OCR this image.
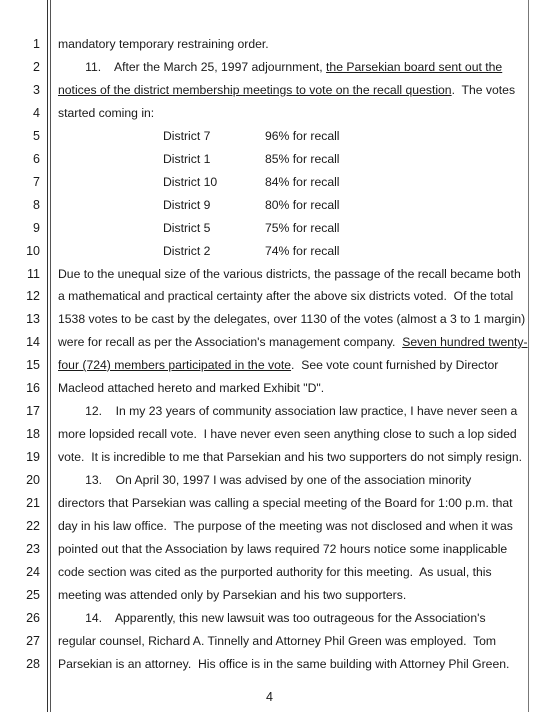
1 mandatory temporary restraining order.
2 11.    After the March 25, 1997 adjournment, the Parsekian board sent out the
3 notices of the district membership meetings to vote on the recall question.  The votes
4 started coming in:
11 Due to the unequal size of the various districts, the passage of the recall became both
12 a mathematical and practical certainty after the above six districts voted.  Of the total
13 1538 votes to be cast by the delegates, over 1130 of the votes (almost a 3 to 1 margin)
14 were for recall as per the Association's management company.  Seven hundred twenty-
15 four (724) members participated in the vote.  See vote count furnished by Director
16 Macleod attached hereto and marked Exhibit "D".
17 12.    In my 23 years of community association law practice, I have never seen a
18 more lopsided recall vote.  I have never even seen anything close to such a lop sided
19 vote.  It is incredible to me that Parsekian and his two supporters do not simply resign.
20 13.    On April 30, 1997 I was advised by one of the association minority
21 directors that Parsekian was calling a special meeting of the Board for 1:00 p.m. that
22 day in his law office.  The purpose of the meeting was not disclosed and when it was
23 pointed out that the Association by laws required 72 hours notice some inapplicable
24 code section was cited as the purported authority for this meeting.  As usual, this
25 meeting was attended only by Parsekian and his two supporters.
26 14.    Apparently, this new lawsuit was too outrageous for the Association's
27 regular counsel, Richard A. Tinnelly and Attorney Phil Green was employed.  Tom
28 Parsekian is an attorney.  His office is in the same building with Attorney Phil Green.
5	District 7	96% for recall
6	District 1	85% for recall
7	District 10	84% for recall
8	District 9	80% for recall
9	District 5	75% for recall
10	District 2	74% for recall
4
